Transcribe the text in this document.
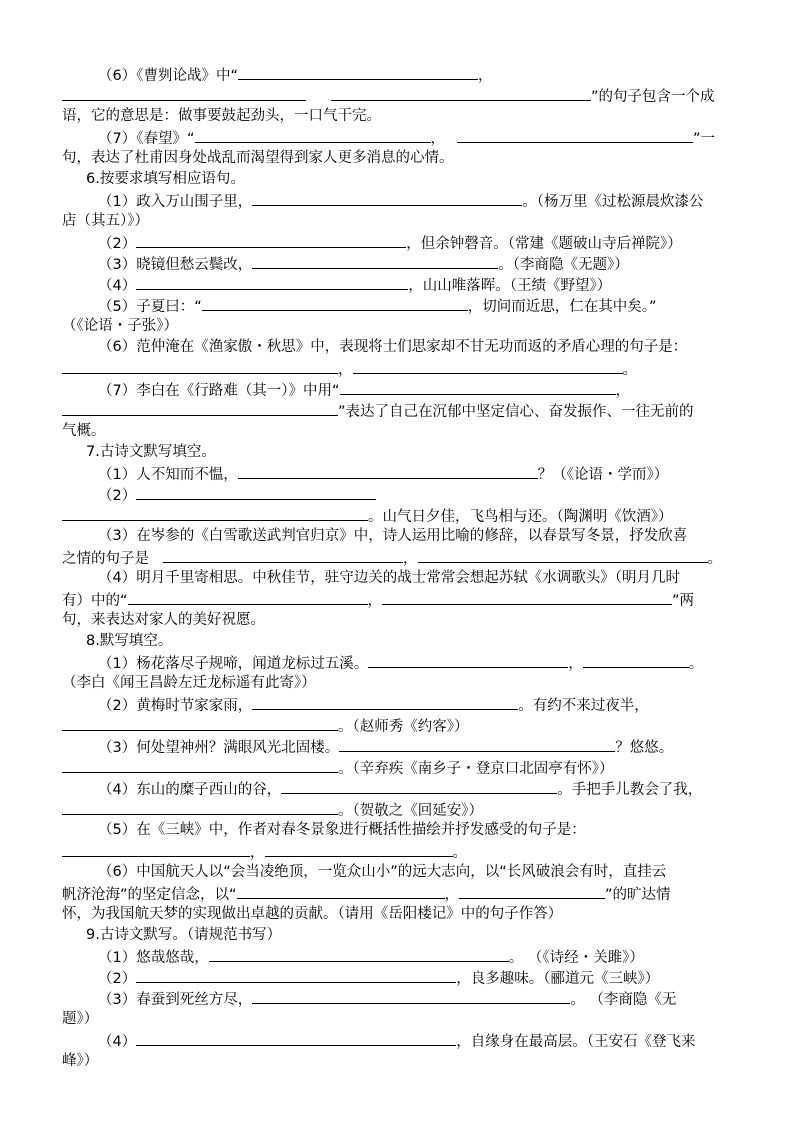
（6）《曹刿论战》中“	，
”的句子包含一个成
语，它的意思是：做事要鼓起劲头，一口气干完。
（7）《春望》“	，	”一
句，表达了杜甫因身处战乱而渴望得到家人更多消息的心情。
6.按要求填写相应语句。
（1）政入万山围子里，	。（杨万里《过松源晨炊漆公
店（其五）》）
（2）	，但余钟磬音。（常建《题破山寺后禅院》）
（3）晓镜但愁云鬓改，	。（李商隐《无题》）
（4）	，山山唯落晖。（王绩《野望》）
（5）子夏曰：“	，切问而近思，仁在其中矣。”
（《论语・子张》）
（6）范仲淹在《渔家傲・秋思》中，表现将士们思家却不甘无功而返的矛盾心理的句子是：
，	。
（7）李白在《行路难（其一）》中用“	，
”表达了自己在沉郁中坚定信心、奋发振作、一往无前的
气概。
7.古诗文默写填空。
（1）人不知而不愠，	？（《论语・学而》）
（2）
。山气日夕佳，飞鸟相与还。（陶渊明《饮酒》）
（3）在岑参的《白雪歌送武判官归京》中，诗人运用比喻的修辞，以春景写冬景，抒发欣喜
之情的句子是	，	。
（4）明月千里寄相思。中秋佳节，驻守边关的战士常常会想起苏轼《水调歌头》（明月几时
有）中的“	，	”两
句，来表达对家人的美好祝愿。
8.默写填空。
（1）杨花落尽子规啼，闻道龙标过五溪。	，	。
（李白《闻王昌龄左迁龙标遥有此寄》）
（2）黄梅时节家家雨，	。有约不来过夜半，
。（赵师秀《约客》）
（3）何处望神州？满眼风光北固楼。	？悠悠。
。（辛弃疾《南乡子・登京口北固亭有怀》）
（4）东山的糜子西山的谷，	。手把手儿教会了我，
。（贺敬之《回延安》）
（5）在《三峡》中，作者对春冬景象进行概括性描绘并抒发感受的句子是：
，	。
（6）中国航天人以“会当凌绝顶，一览众山小”的远大志向，以“长风破浪会有时，直挂云
帆济沧海”的坚定信念，以“	，	”的旷达情
怀，为我国航天梦的实现做出卓越的贡献。（请用《岳阳楼记》中的句子作答）
9.古诗文默写。（请规范书写）
（1）悠哉悠哉，	。 （《诗经・关雎》）
（2）	，良多趣味。（郦道元《三峡》）
（3）春蚕到死丝方尽，	。 （李商隐《无
题》）
（4）	，自缘身在最高层。（王安石《登飞来
峰》）
